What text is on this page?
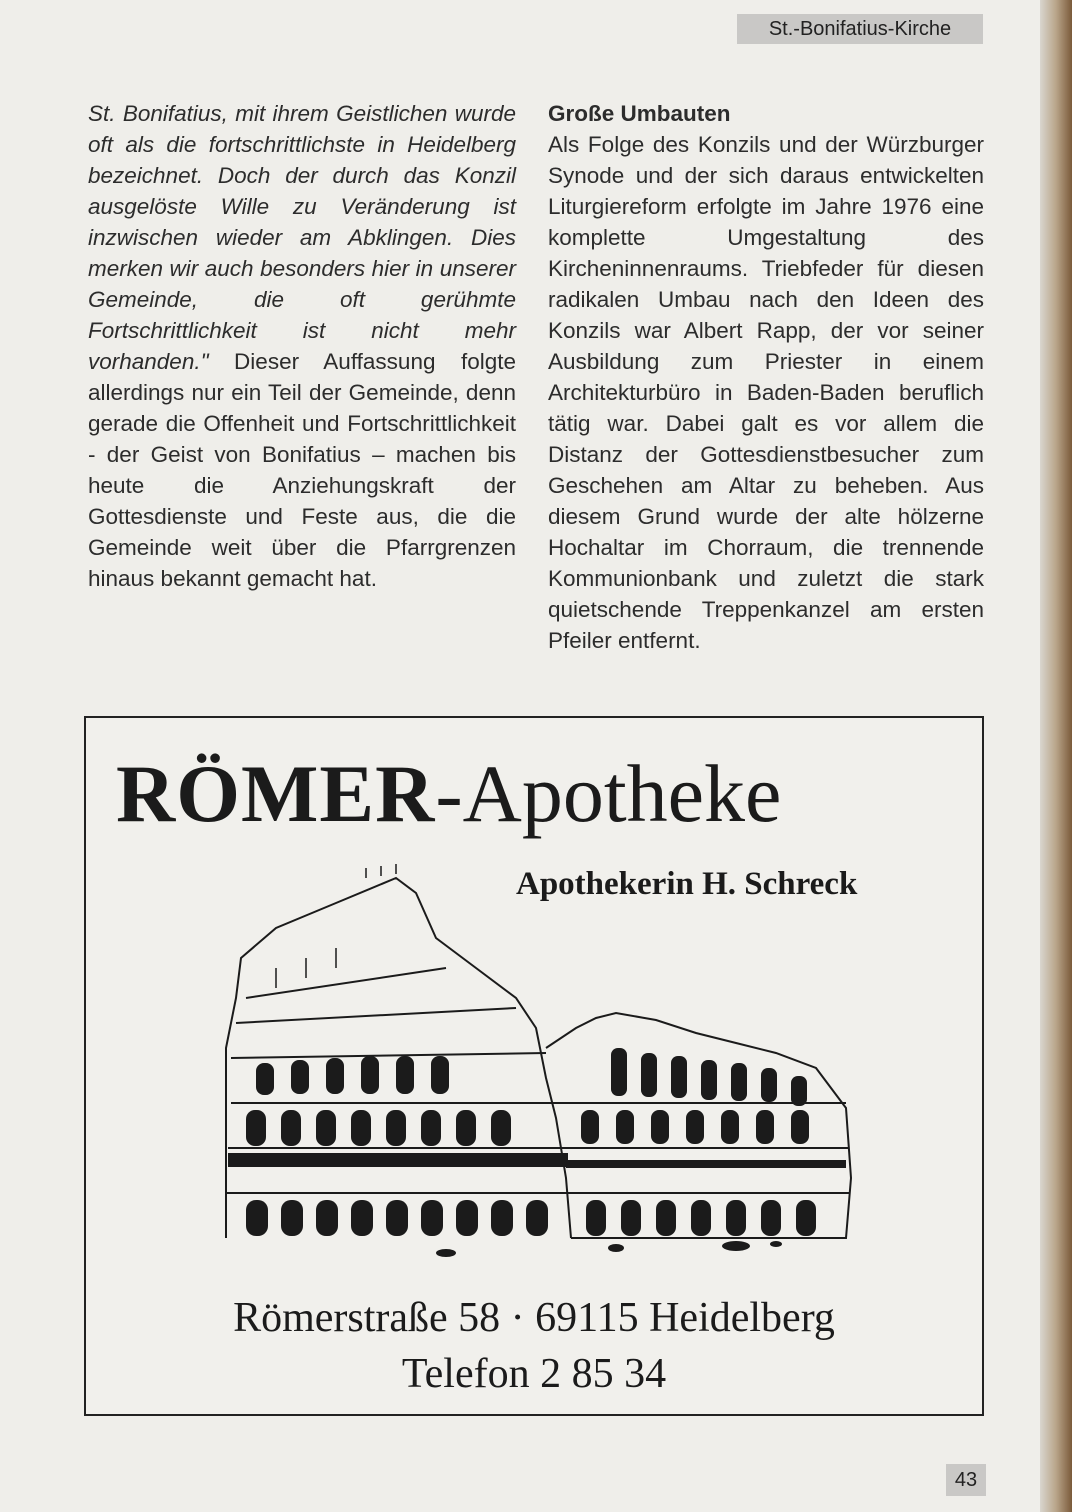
St.-Bonifatius-Kirche

St. Bonifatius, mit ihrem Geistlichen wurde oft als die fortschrittlichste in Heidelberg bezeichnet. Doch der durch das Konzil ausgelöste Wille zu Veränderung ist inzwischen wieder am Abklingen. Dies merken wir auch besonders hier in unserer Gemeinde, die oft gerühmte Fortschrittlichkeit ist nicht mehr vorhanden." Dieser Auffassung folgte allerdings nur ein Teil der Gemeinde, denn gerade die Offenheit und Fortschrittlichkeit - der Geist von Bonifatius – machen bis heute die Anziehungskraft der Gottesdienste und Feste aus, die die Gemeinde weit über die Pfarrgrenzen hinaus bekannt gemacht hat.

Große Umbauten

Als Folge des Konzils und der Würzburger Synode und der sich daraus entwickelten Liturgiereform erfolgte im Jahre 1976 eine komplette Umgestaltung des Kircheninnenraums. Triebfeder für diesen radikalen Umbau nach den Ideen des Konzils war Albert Rapp, der vor seiner Ausbildung zum Priester in einem Architekturbüro in Baden-Baden beruflich tätig war. Dabei galt es vor allem die Distanz der Gottesdienstbesucher zum Geschehen am Altar zu beheben. Aus diesem Grund wurde der alte hölzerne Hochaltar im Chorraum, die trennende Kommunionbank und zuletzt die stark quietschende Treppenkanzel am ersten Pfeiler entfernt.

RÖMER-Apotheke
Apothekerin H. Schreck
Römerstraße 58 · 69115 Heidelberg
Telefon 2 85 34
43
